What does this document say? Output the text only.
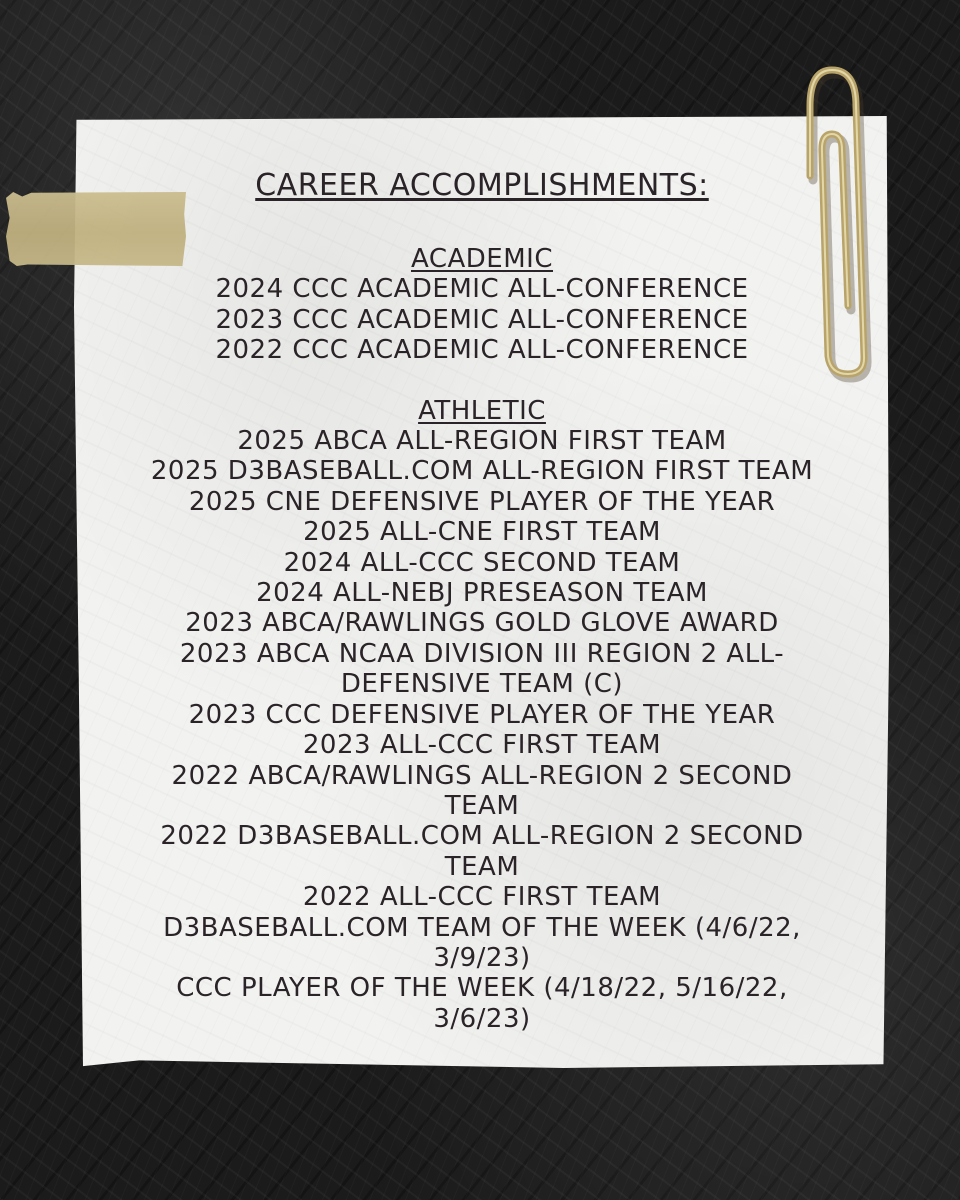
CAREER ACCOMPLISHMENTS:
ACADEMIC
2024 CCC ACADEMIC ALL-CONFERENCE
2023 CCC ACADEMIC ALL-CONFERENCE
2022 CCC ACADEMIC ALL-CONFERENCE
ATHLETIC
2025 ABCA ALL-REGION FIRST TEAM
2025 D3BASEBALL.COM ALL-REGION FIRST TEAM
2025 CNE DEFENSIVE PLAYER OF THE YEAR
2025 ALL-CNE FIRST TEAM
2024 ALL-CCC SECOND TEAM
2024 ALL-NEBJ PRESEASON TEAM
2023 ABCA/RAWLINGS GOLD GLOVE AWARD
2023 ABCA NCAA DIVISION III REGION 2 ALL-
DEFENSIVE TEAM (C)
2023 CCC DEFENSIVE PLAYER OF THE YEAR
2023 ALL-CCC FIRST TEAM
2022 ABCA/RAWLINGS ALL-REGION 2 SECOND
TEAM
2022 D3BASEBALL.COM ALL-REGION 2 SECOND
TEAM
2022 ALL-CCC FIRST TEAM
D3BASEBALL.COM TEAM OF THE WEEK (4/6/22,
3/9/23)
CCC PLAYER OF THE WEEK (4/18/22, 5/16/22,
3/6/23)
